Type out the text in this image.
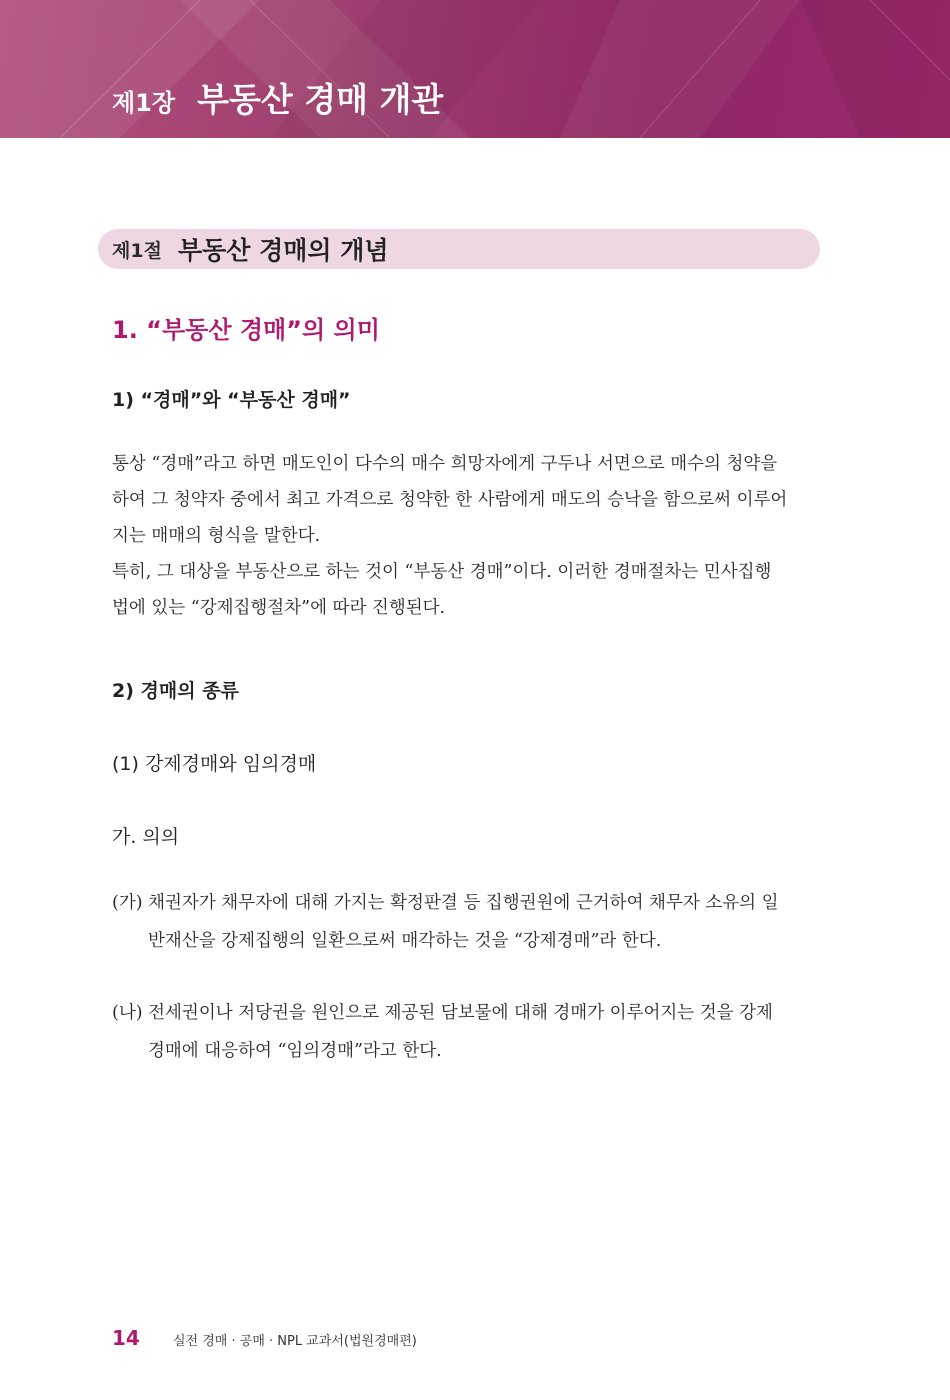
제1장 부동산 경매 개관
제1절 부동산 경매의 개념
1. “부동산 경매”의 의미
1) “경매”와 “부동산 경매”

통상 “경매”라고 하면 매도인이 다수의 매수 희망자에게 구두나 서면으로 매수의 청약을
하여 그 청약자 중에서 최고 가격으로 청약한 한 사람에게 매도의 승낙을 함으로써 이루어
지는 매매의 형식을 말한다.
특히, 그 대상을 부동산으로 하는 것이 “부동산 경매”이다. 이러한 경매절차는 민사집행
법에 있는 “강제집행절차”에 따라 진행된다.

2) 경매의 종류
(1) 강제경매와 임의경매
가. 의의

(가) 채권자가 채무자에 대해 가지는 확정판결 등 집행권원에 근거하여 채무자 소유의 일
반재산을 강제집행의 일환으로써 매각하는 것을 “강제경매”라 한다.

(나) 전세권이나 저당권을 원인으로 제공된 담보물에 대해 경매가 이루어지는 것을 강제
경매에 대응하여 “임의경매”라고 한다.

14	실전 경매 · 공매 · NPL 교과서(법원경매편)
